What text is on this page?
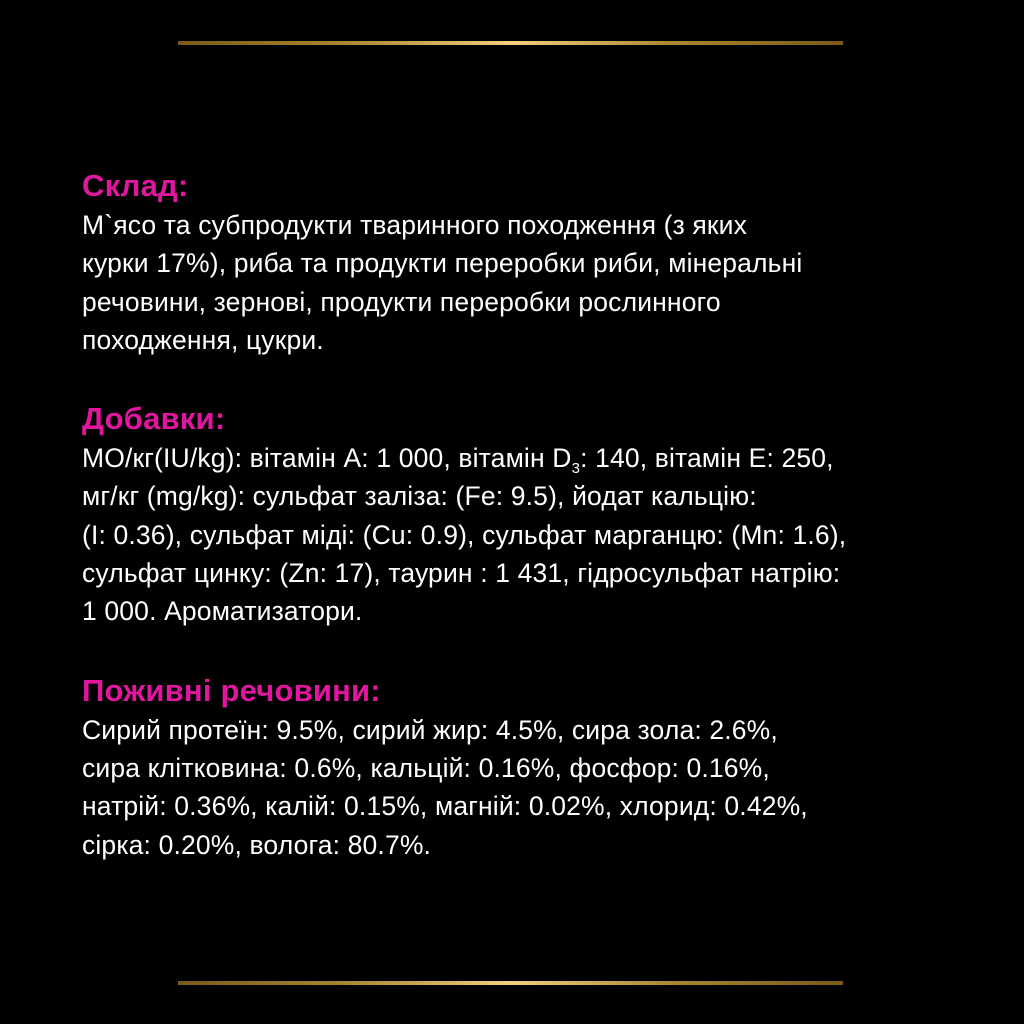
Склад:

М`ясо та субпродукти тваринного походження (з яких
курки 17%), риба та продукти переробки риби, мінеральні
речовини, зернові, продукти переробки рослинного
походження, цукри.

Добавки:

МО/кг(IU/kg): вітамін А: 1 000, вітамін $D_3$: 140, вітамін E: 250,
мг/кг (mg/kg): сульфат заліза: (Fe: 9.5), йодат кальцію:
(I: 0.36), сульфат міді: (Cu: 0.9), сульфат марганцю: (Mn: 1.6),
сульфат цинку: (Zn: 17), таурин : 1 431, гідросульфат натрію:
1 000. Ароматизатори.

Поживні речовини:

Сирий протеїн: 9.5%, сирий жир: 4.5%, сира зола: 2.6%,
сира клітковина: 0.6%, кальцій: 0.16%, фосфор: 0.16%,
натрій: 0.36%, калій: 0.15%, магній: 0.02%, хлорид: 0.42%,
сірка: 0.20%, волога: 80.7%.
